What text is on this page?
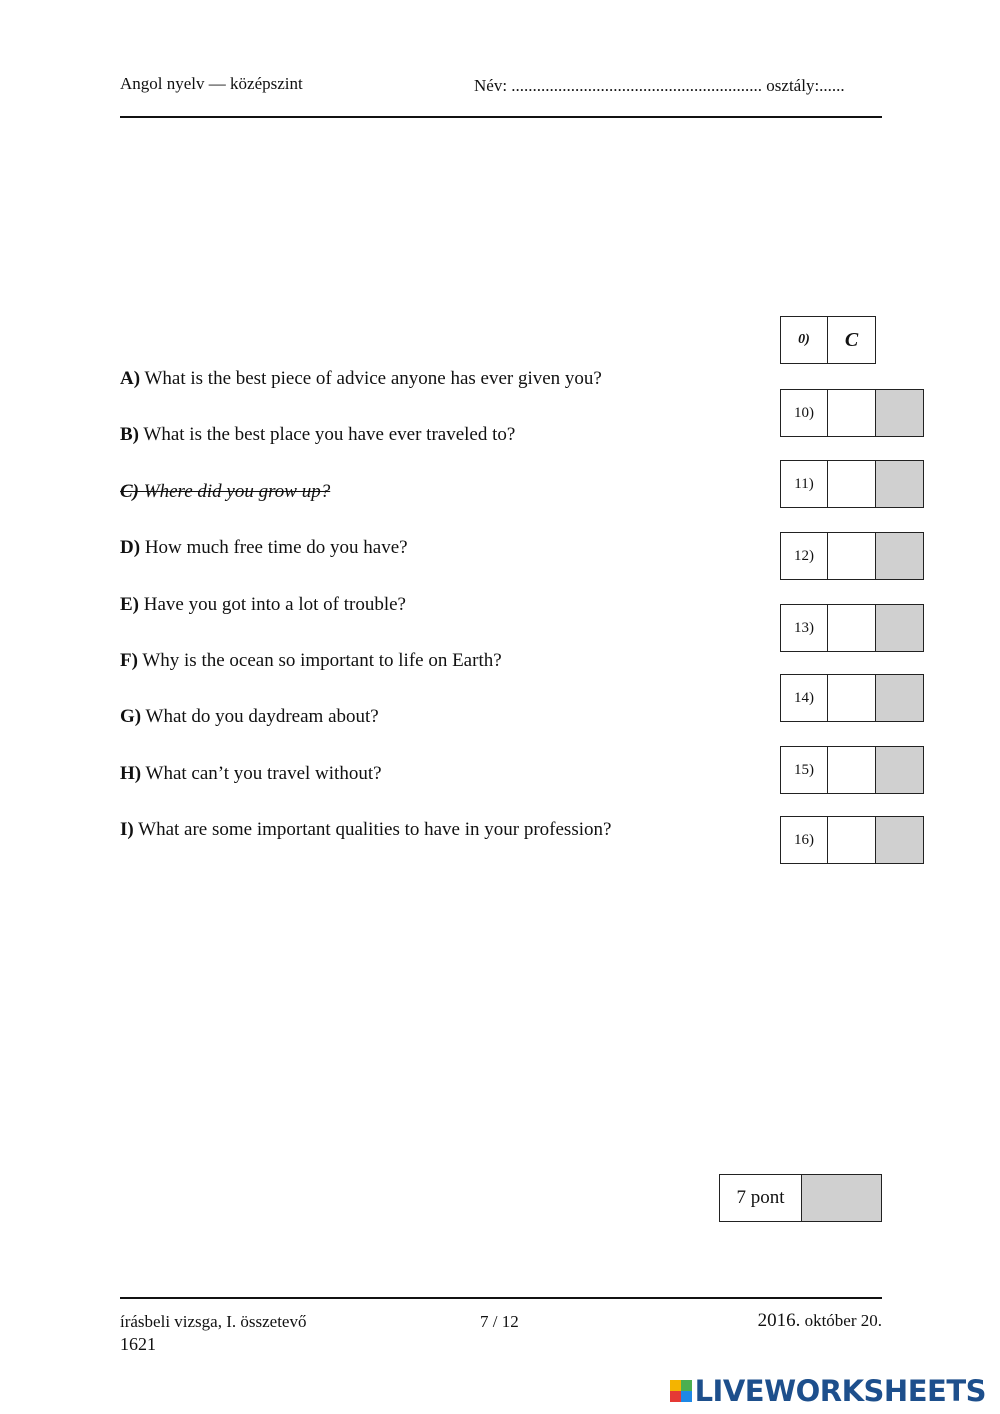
Angol nyelv — középszint	Név: ........................................................... osztály:......
A) What is the best piece of advice anyone has ever given you?
B) What is the best place you have ever traveled to?
C) Where did you grow up?
D) How much free time do you have?
E) Have you got into a lot of trouble?
F) Why is the ocean so important to life on Earth?
G) What do you daydream about?
H) What can’t you travel without?
I) What are some important qualities to have in your profession?
0)	C
10)
11)
12)
13)
14)
15)
16)
7 pont
írásbeli vizsga, I. összetevő
1621
7 / 12	2016. október 20.
LIVEWORKSHEETS
